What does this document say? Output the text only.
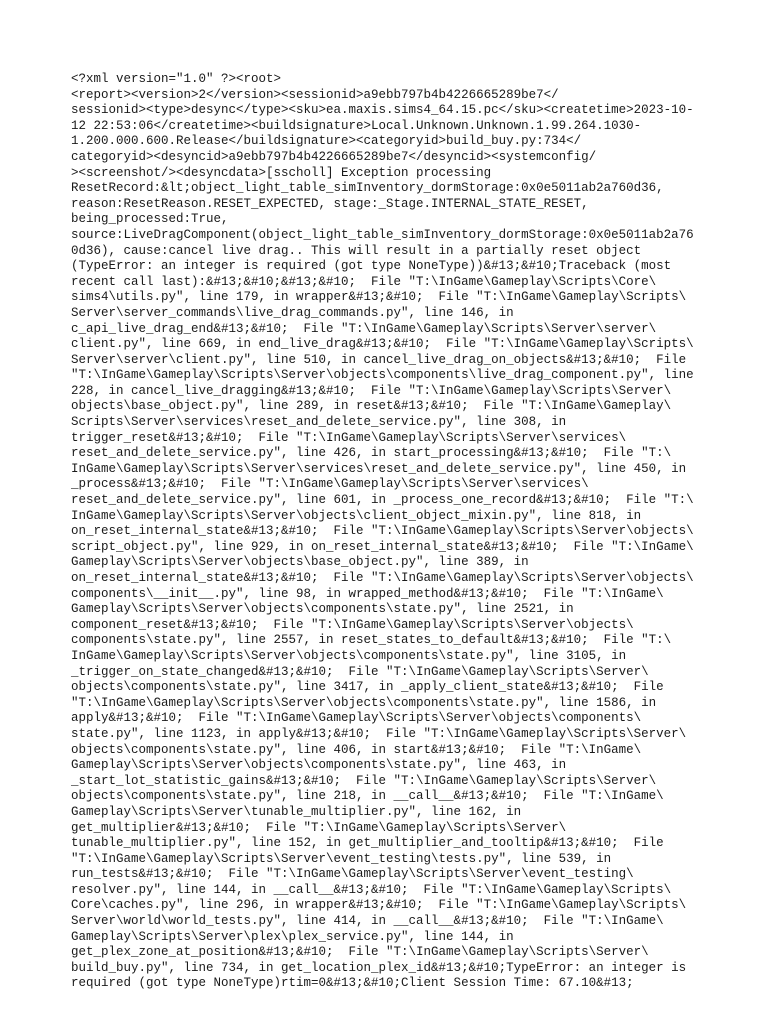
<?xml version="1.0" ?><root>
<report><version>2</version><sessionid>a9ebb797b4b4226665289be7</
sessionid><type>desync</type><sku>ea.maxis.sims4_64.15.pc</sku><createtime>2023-10-
12 22:53:06</createtime><buildsignature>Local.Unknown.Unknown.1.99.264.1030-
1.200.000.600.Release</buildsignature><categoryid>build_buy.py:734</
categoryid><desyncid>a9ebb797b4b4226665289be7</desyncid><systemconfig/
><screenshot/><desyncdata>[sscholl] Exception processing
ResetRecord:&lt;object_light_table_simInventory_dormStorage:0x0e5011ab2a760d36,
reason:ResetReason.RESET_EXPECTED, stage:_Stage.INTERNAL_STATE_RESET,
being_processed:True,
source:LiveDragComponent(object_light_table_simInventory_dormStorage:0x0e5011ab2a76
0d36), cause:cancel live drag.. This will result in a partially reset object
(TypeError: an integer is required (got type NoneType))&#13;&#10;Traceback (most
recent call last):&#13;&#10;&#13;&#10;  File "T:\InGame\Gameplay\Scripts\Core\
sims4\utils.py", line 179, in wrapper&#13;&#10;  File "T:\InGame\Gameplay\Scripts\
Server\server_commands\live_drag_commands.py", line 146, in
c_api_live_drag_end&#13;&#10;  File "T:\InGame\Gameplay\Scripts\Server\server\
client.py", line 669, in end_live_drag&#13;&#10;  File "T:\InGame\Gameplay\Scripts\
Server\server\client.py", line 510, in cancel_live_drag_on_objects&#13;&#10;  File
"T:\InGame\Gameplay\Scripts\Server\objects\components\live_drag_component.py", line
228, in cancel_live_dragging&#13;&#10;  File "T:\InGame\Gameplay\Scripts\Server\
objects\base_object.py", line 289, in reset&#13;&#10;  File "T:\InGame\Gameplay\
Scripts\Server\services\reset_and_delete_service.py", line 308, in
trigger_reset&#13;&#10;  File "T:\InGame\Gameplay\Scripts\Server\services\
reset_and_delete_service.py", line 426, in start_processing&#13;&#10;  File "T:\
InGame\Gameplay\Scripts\Server\services\reset_and_delete_service.py", line 450, in
_process&#13;&#10;  File "T:\InGame\Gameplay\Scripts\Server\services\
reset_and_delete_service.py", line 601, in _process_one_record&#13;&#10;  File "T:\
InGame\Gameplay\Scripts\Server\objects\client_object_mixin.py", line 818, in
on_reset_internal_state&#13;&#10;  File "T:\InGame\Gameplay\Scripts\Server\objects\
script_object.py", line 929, in on_reset_internal_state&#13;&#10;  File "T:\InGame\
Gameplay\Scripts\Server\objects\base_object.py", line 389, in
on_reset_internal_state&#13;&#10;  File "T:\InGame\Gameplay\Scripts\Server\objects\
components\__init__.py", line 98, in wrapped_method&#13;&#10;  File "T:\InGame\
Gameplay\Scripts\Server\objects\components\state.py", line 2521, in
component_reset&#13;&#10;  File "T:\InGame\Gameplay\Scripts\Server\objects\
components\state.py", line 2557, in reset_states_to_default&#13;&#10;  File "T:\
InGame\Gameplay\Scripts\Server\objects\components\state.py", line 3105, in
_trigger_on_state_changed&#13;&#10;  File "T:\InGame\Gameplay\Scripts\Server\
objects\components\state.py", line 3417, in _apply_client_state&#13;&#10;  File
"T:\InGame\Gameplay\Scripts\Server\objects\components\state.py", line 1586, in
apply&#13;&#10;  File "T:\InGame\Gameplay\Scripts\Server\objects\components\
state.py", line 1123, in apply&#13;&#10;  File "T:\InGame\Gameplay\Scripts\Server\
objects\components\state.py", line 406, in start&#13;&#10;  File "T:\InGame\
Gameplay\Scripts\Server\objects\components\state.py", line 463, in
_start_lot_statistic_gains&#13;&#10;  File "T:\InGame\Gameplay\Scripts\Server\
objects\components\state.py", line 218, in __call__&#13;&#10;  File "T:\InGame\
Gameplay\Scripts\Server\tunable_multiplier.py", line 162, in
get_multiplier&#13;&#10;  File "T:\InGame\Gameplay\Scripts\Server\
tunable_multiplier.py", line 152, in get_multiplier_and_tooltip&#13;&#10;  File
"T:\InGame\Gameplay\Scripts\Server\event_testing\tests.py", line 539, in
run_tests&#13;&#10;  File "T:\InGame\Gameplay\Scripts\Server\event_testing\
resolver.py", line 144, in __call__&#13;&#10;  File "T:\InGame\Gameplay\Scripts\
Core\caches.py", line 296, in wrapper&#13;&#10;  File "T:\InGame\Gameplay\Scripts\
Server\world\world_tests.py", line 414, in __call__&#13;&#10;  File "T:\InGame\
Gameplay\Scripts\Server\plex\plex_service.py", line 144, in
get_plex_zone_at_position&#13;&#10;  File "T:\InGame\Gameplay\Scripts\Server\
build_buy.py", line 734, in get_location_plex_id&#13;&#10;TypeError: an integer is
required (got type NoneType)rtim=0&#13;&#10;Client Session Time: 67.10&#13;
